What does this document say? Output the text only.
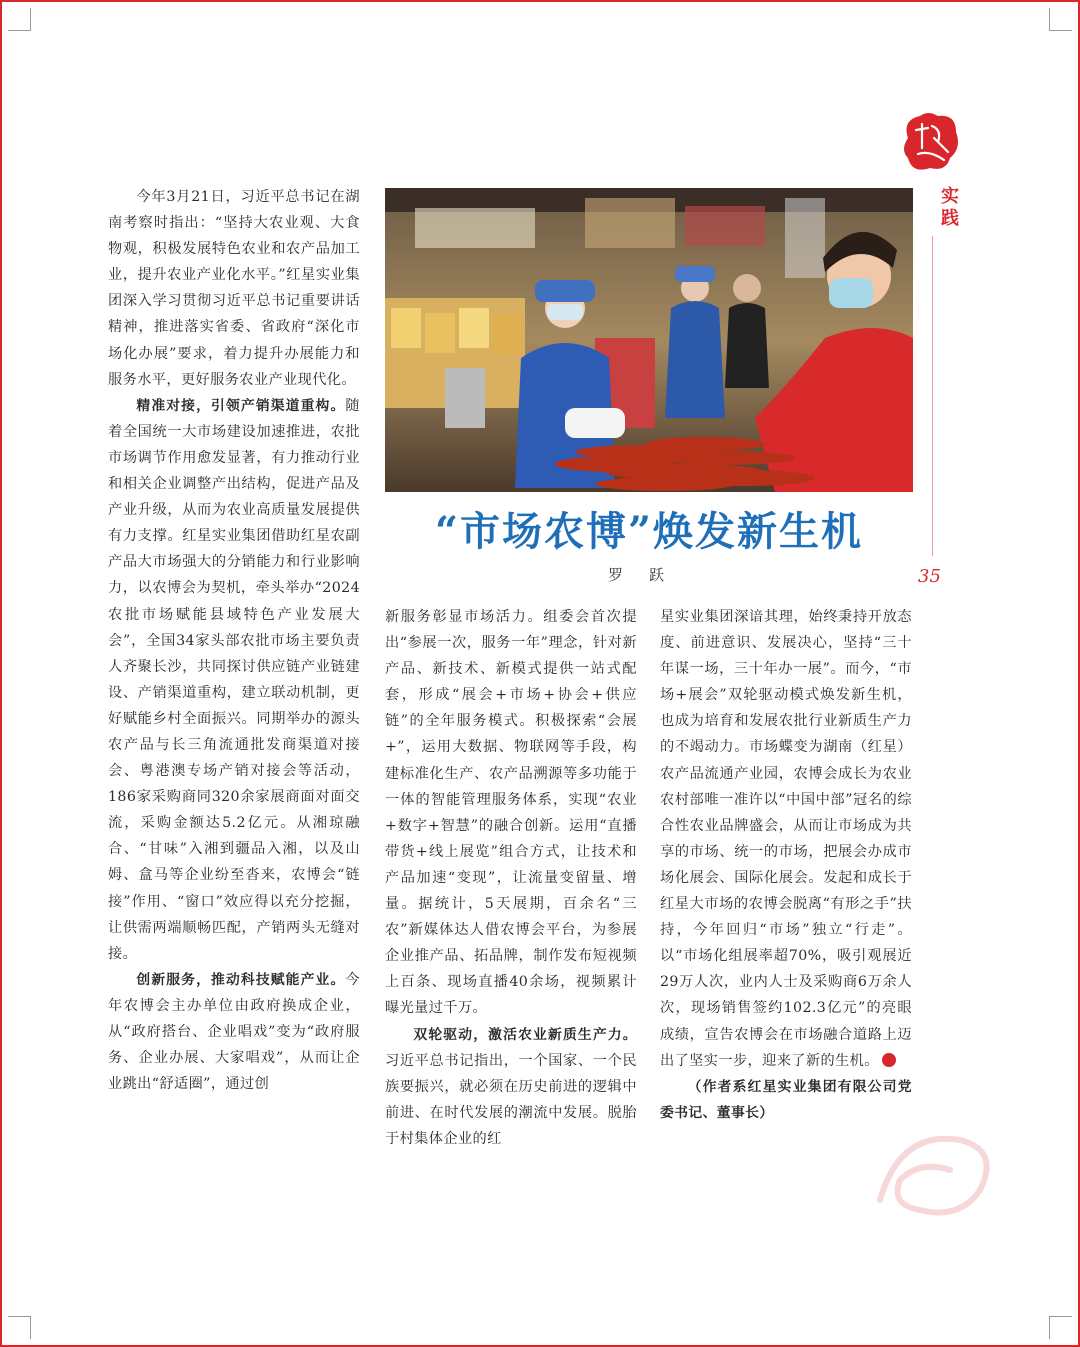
实践
35

今年3月21日，习近平总书记在湖南考察时指出：“坚持大农业观、大食物观，积极发展特色农业和农产品加工业，提升农业产业化水平。”红星实业集团深入学习贯彻习近平总书记重要讲话精神，推进落实省委、省政府“深化市场化办展”要求，着力提升办展能力和服务水平，更好服务农业产业现代化。

精准对接，引领产销渠道重构。随着全国统一大市场建设加速推进，农批市场调节作用愈发显著，有力推动行业和相关企业调整产出结构，促进产品及产业升级，从而为农业高质量发展提供有力支撑。红星实业集团借助红星农副产品大市场强大的分销能力和行业影响力，以农博会为契机，牵头举办“2024农批市场赋能县域特色产业发展大会”，全国34家头部农批市场主要负责人齐聚长沙，共同探讨供应链产业链建设、产销渠道重构，建立联动机制，更好赋能乡村全面振兴。同期举办的源头农产品与长三角流通批发商渠道对接会、粤港澳专场产销对接会等活动，186家采购商同320余家展商面对面交流，采购金额达5.2亿元。从湘琼融合、“甘味”入湘到疆品入湘，以及山姆、盒马等企业纷至沓来，农博会“链接”作用、“窗口”效应得以充分挖掘，让供需两端顺畅匹配，产销两头无缝对接。

创新服务，推动科技赋能产业。今年农博会主办单位由政府换成企业，从“政府搭台、企业唱戏”变为“政府服务、企业办展、大家唱戏”，从而让企业跳出“舒适圈”，通过创

“市场农博”焕发新生机
罗跃

新服务彰显市场活力。组委会首次提出“参展一次，服务一年”理念，针对新产品、新技术、新模式提供一站式配套，形成“展会+市场+协会+供应链”的全年服务模式。积极探索“会展+”，运用大数据、物联网等手段，构建标准化生产、农产品溯源等多功能于一体的智能管理服务体系，实现“农业+数字+智慧”的融合创新。运用“直播带货+线上展览”组合方式，让技术和产品加速“变现”，让流量变留量、增量。据统计，5天展期，百余名“三农”新媒体达人借农博会平台，为参展企业推产品、拓品牌，制作发布短视频上百条、现场直播40余场，视频累计曝光量过千万。

双轮驱动，激活农业新质生产力。习近平总书记指出，一个国家、一个民族要振兴，就必须在历史前进的逻辑中前进、在时代发展的潮流中发展。脱胎于村集体企业的红

星实业集团深谙其理，始终秉持开放态度、前进意识、发展决心，坚持“三十年谋一场，三十年办一展”。而今，“市场+展会”双轮驱动模式焕发新生机，也成为培育和发展农批行业新质生产力的不竭动力。市场蝶变为湖南（红星）农产品流通产业园，农博会成长为农业农村部唯一准许以“中国中部”冠名的综合性农业品牌盛会，从而让市场成为共享的市场、统一的市场，把展会办成市场化展会、国际化展会。发起和成长于红星大市场的农博会脱离“有形之手”扶持，今年回归“市场”独立“行走”。以“市场化组展率超70%，吸引观展近29万人次，业内人士及采购商6万余人次，现场销售签约102.3亿元”的亮眼成绩，宣告农博会在市场融合道路上迈出了坚实一步，迎来了新的生机。

（作者系红星实业集团有限公司党委书记、董事长）
